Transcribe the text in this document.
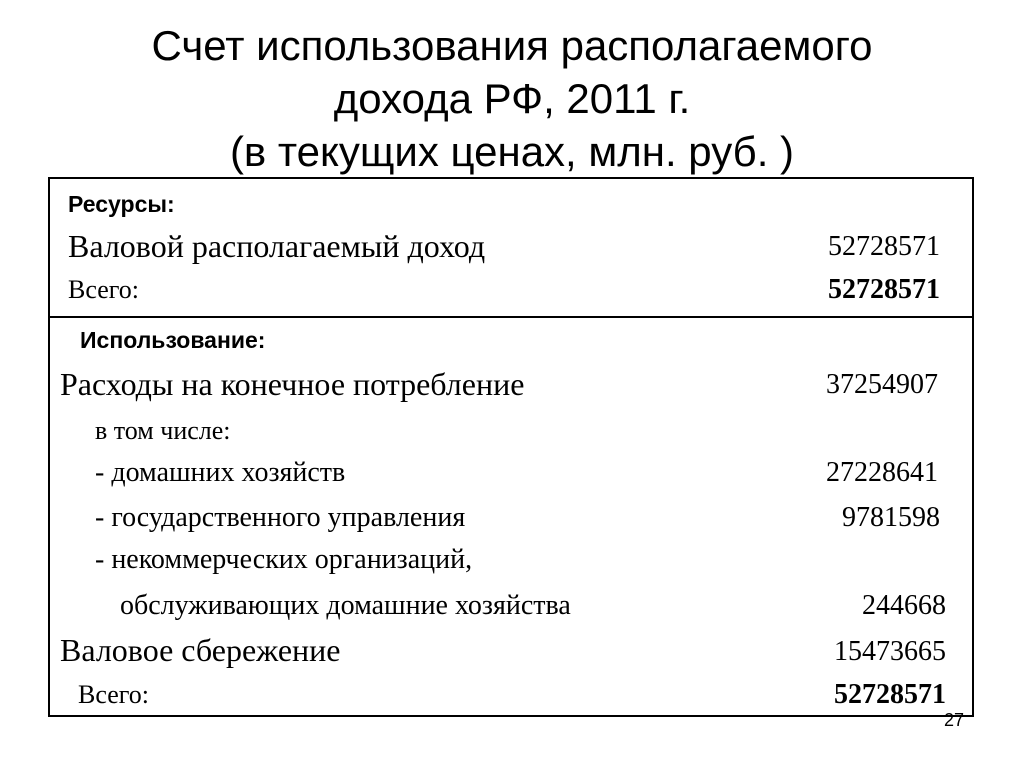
Счет использования располагаемого
дохода РФ, 2011 г.
(в текущих ценах, млн. руб. )
Ресурсы:
Валовой располагаемый доход	52728571
Всего:	52728571
Использование:
Расходы на конечное потребление	37254907
в том числе:
- домашних хозяйств	27228641
- государственного управления	9781598
- некоммерческих организаций,
обслуживающих домашние хозяйства	244668
Валовое сбережение	15473665
Всего:	52728571
27
